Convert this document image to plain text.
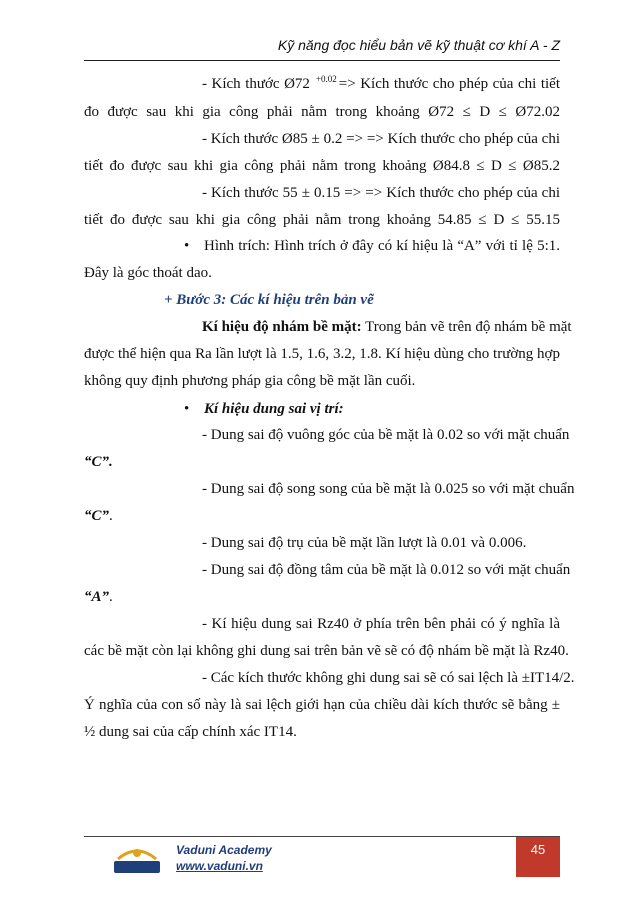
Kỹ năng đọc hiểu bản vẽ kỹ thuật cơ khí A - Z
- Kích thước Ø72 $^{+0.02}$ => Kích thước cho phép của chi tiết
đo được sau khi gia công phải nằm trong khoảng Ø72 ≤ D ≤ Ø72.02
- Kích thước Ø85 ± 0.2 => => Kích thước cho phép của chi
tiết đo được sau khi gia công phải nằm trong khoảng Ø84.8 ≤ D ≤ Ø85.2
- Kích thước 55 ± 0.15 => => Kích thước cho phép của chi
tiết đo được sau khi gia công phải nằm trong khoảng 54.85 ≤ D ≤ 55.15
• Hình trích: Hình trích ở đây có kí hiệu là “A” với tỉ lệ 5:1.
Đây là góc thoát dao.
+ Bước 3: Các kí hiệu trên bản vẽ
Kí hiệu độ nhám bề mặt: Trong bản vẽ trên độ nhám bề mặt
được thể hiện qua Ra lần lượt là 1.5, 1.6, 3.2, 1.8. Kí hiệu dùng cho trường hợp
không quy định phương pháp gia công bề mặt lần cuối.
• Kí hiệu dung sai vị trí:
- Dung sai độ vuông góc của bề mặt là 0.02 so với mặt chuẩn
“C”.
- Dung sai độ song song của bề mặt là 0.025 so với mặt chuẩn
“C”.
- Dung sai độ trụ của bề mặt lần lượt là 0.01 và 0.006.
- Dung sai độ đồng tâm của bề mặt là 0.012 so với mặt chuẩn
“A”.
- Kí hiệu dung sai Rz40 ở phía trên bên phải có ý nghĩa là
các bề mặt còn lại không ghi dung sai trên bản vẽ sẽ có độ nhám bề mặt là Rz40.
- Các kích thước không ghi dung sai sẽ có sai lệch là ±IT14/2.
Ý nghĩa của con số này là sai lệch giới hạn của chiều dài kích thước sẽ bằng ±
½ dung sai của cấp chính xác IT14.
Vaduni Academy
www.vaduni.vn
45
